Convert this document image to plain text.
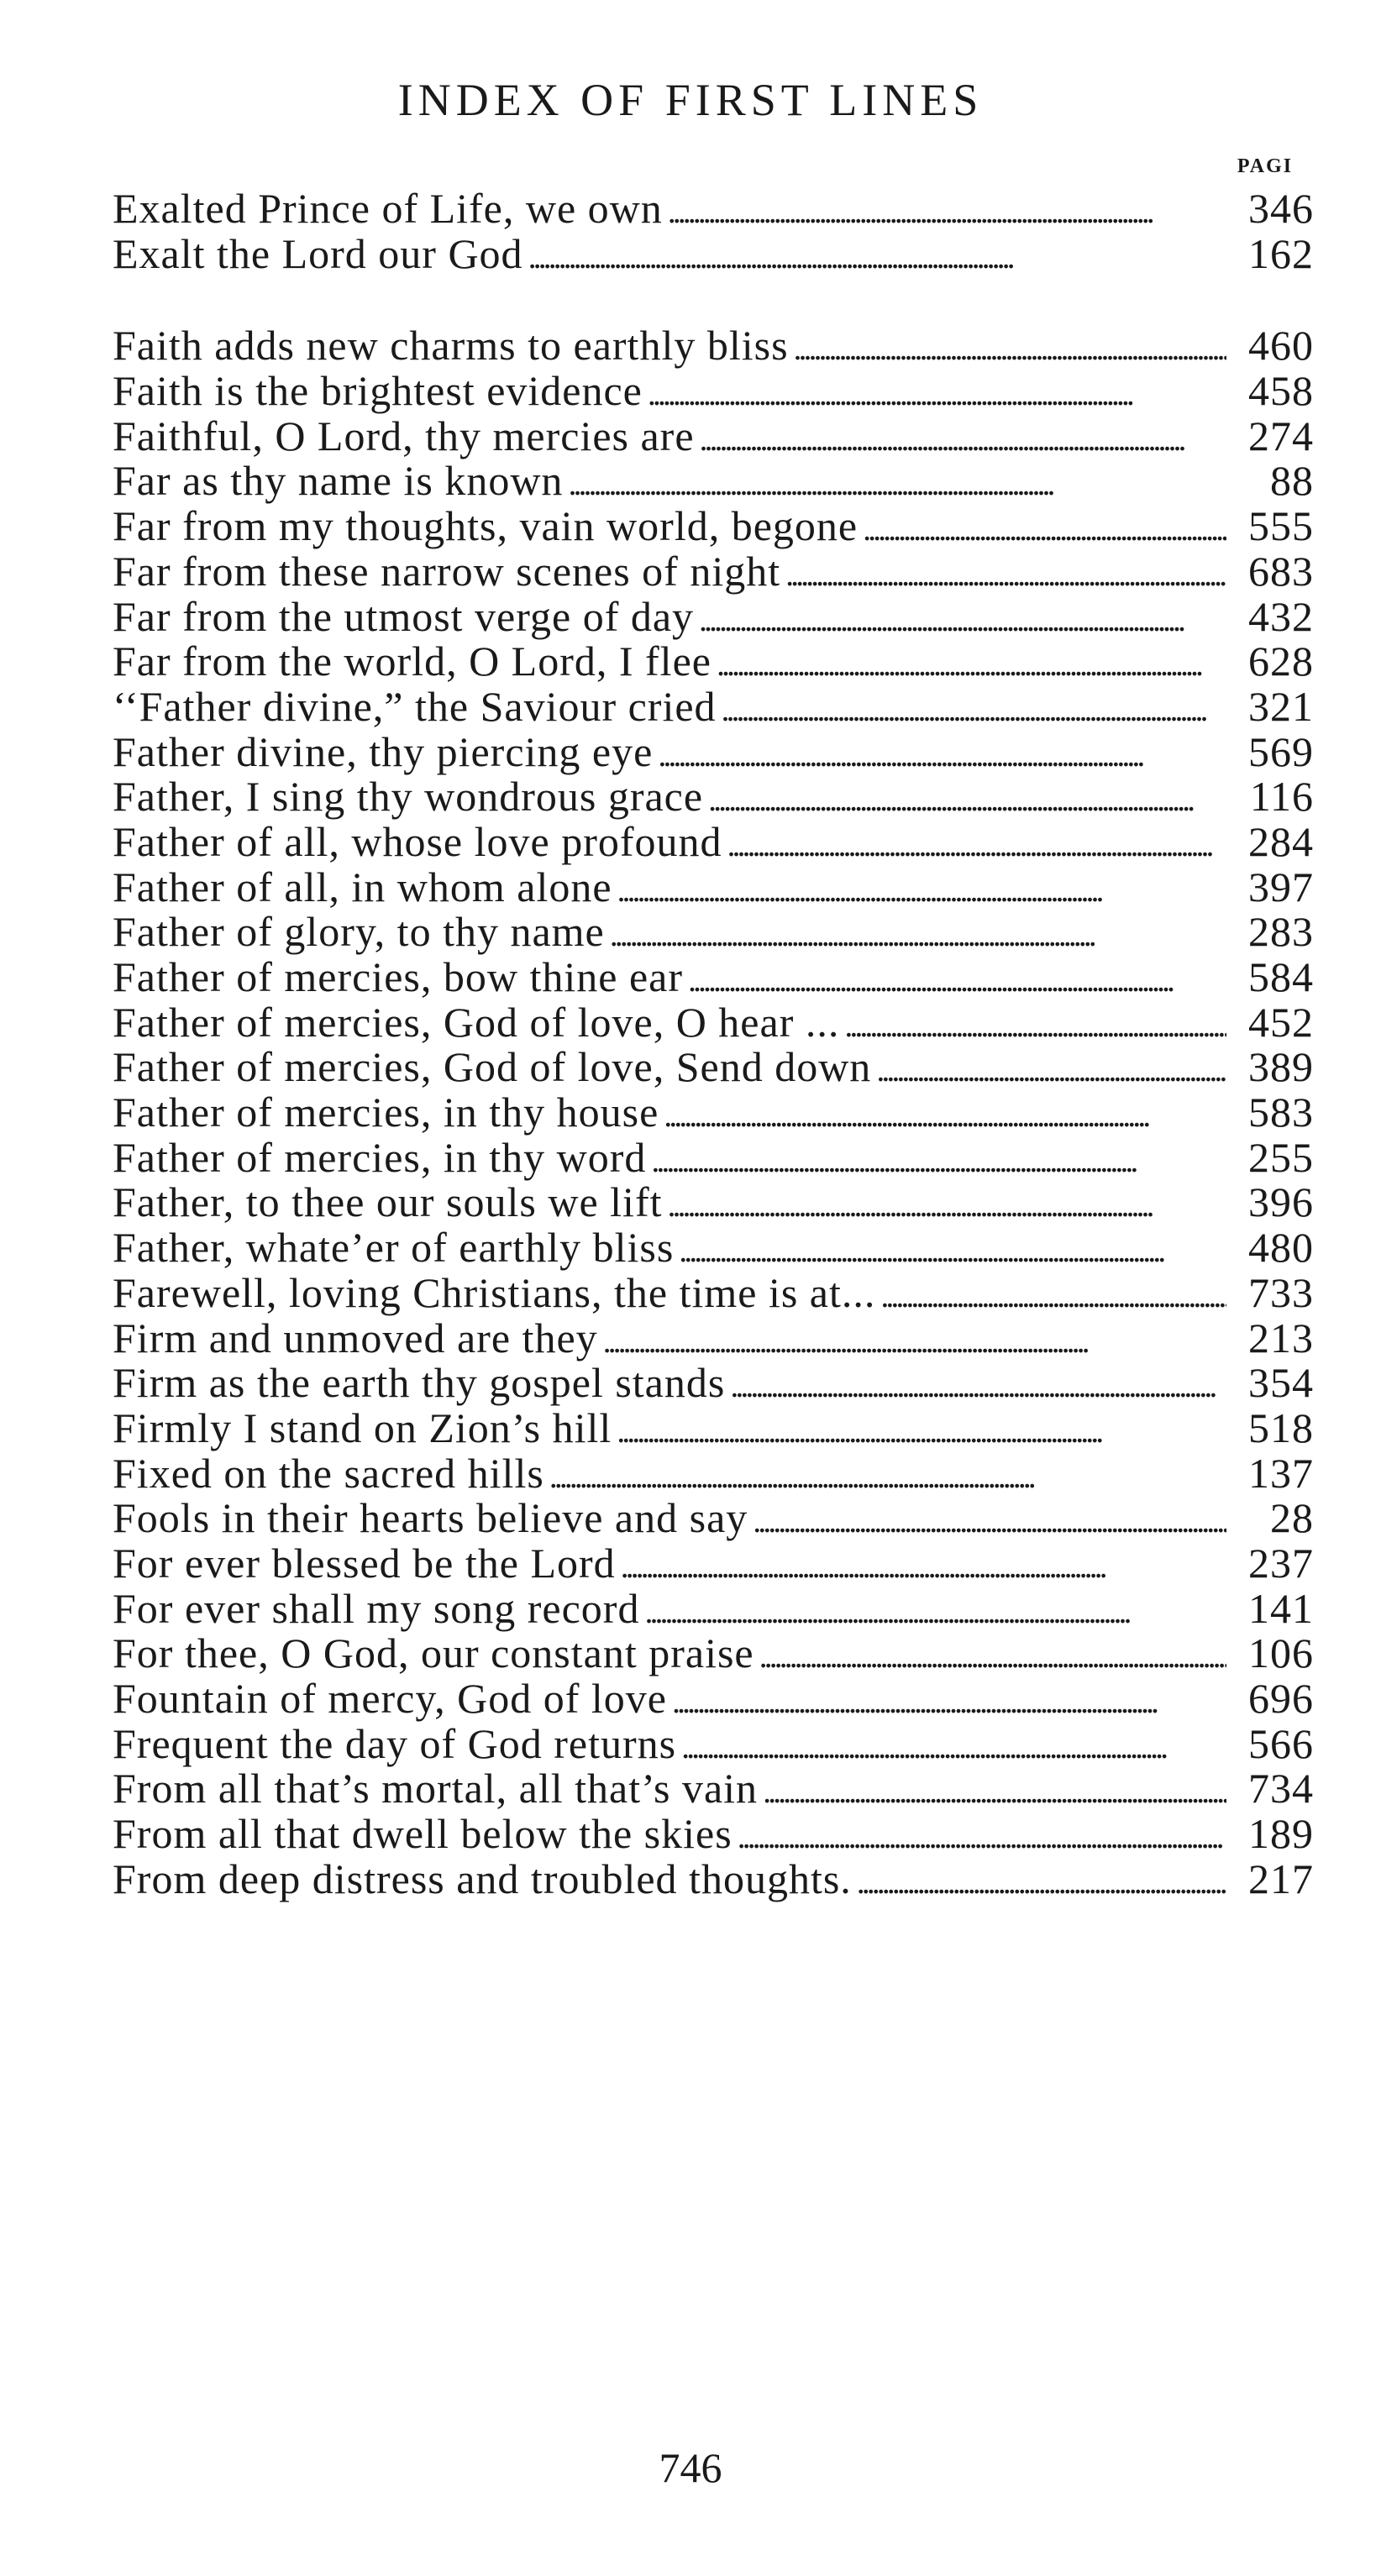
INDEX OF FIRST LINES
PAGI
Exalted Prince of Life, we own . . .	346
Exalt the Lord our God . . .	162
Faith adds new charms to earthly bliss . . .	460
Faith is the brightest evidence . . .	458
Faithful, O Lord, thy mercies are . . .	274
Far as thy name is known . . .	88
Far from my thoughts, vain world, begone . . .	555
Far from these narrow scenes of night . . .	683
Far from the utmost verge of day . . .	432
Far from the world, O Lord, I flee . . .	628
‘‘Father divine,” the Saviour cried . . .	321
Father divine, thy piercing eye . . .	569
Father, I sing thy wondrous grace . . .	116
Father of all, whose love profound . . .	284
Father of all, in whom alone . . .	397
Father of glory, to thy name . . .	283
Father of mercies, bow thine ear . . .	584
Father of mercies, God of love, O hear ... . . .	452
Father of mercies, God of love, Send down . . .	389
Father of mercies, in thy house . . .	583
Father of mercies, in thy word . . .	255
Father, to thee our souls we lift . . .	396
Father, whate’er of earthly bliss . . .	480
Farewell, loving Christians, the time is at... . . .	733
Firm and unmoved are they . . .	213
Firm as the earth thy gospel stands . . .	354
Firmly I stand on Zion’s hill . . .	518
Fixed on the sacred hills . . .	137
Fools in their hearts believe and say . . .	28
For ever blessed be the Lord . . .	237
For ever shall my song record . . .	141
For thee, O God, our constant praise . . .	106
Fountain of mercy, God of love . . .	696
Frequent the day of God returns . . .	566
From all that’s mortal, all that’s vain . . .	734
From all that dwell below the skies . . .	189
From deep distress and troubled thoughts. . . .	217
746
